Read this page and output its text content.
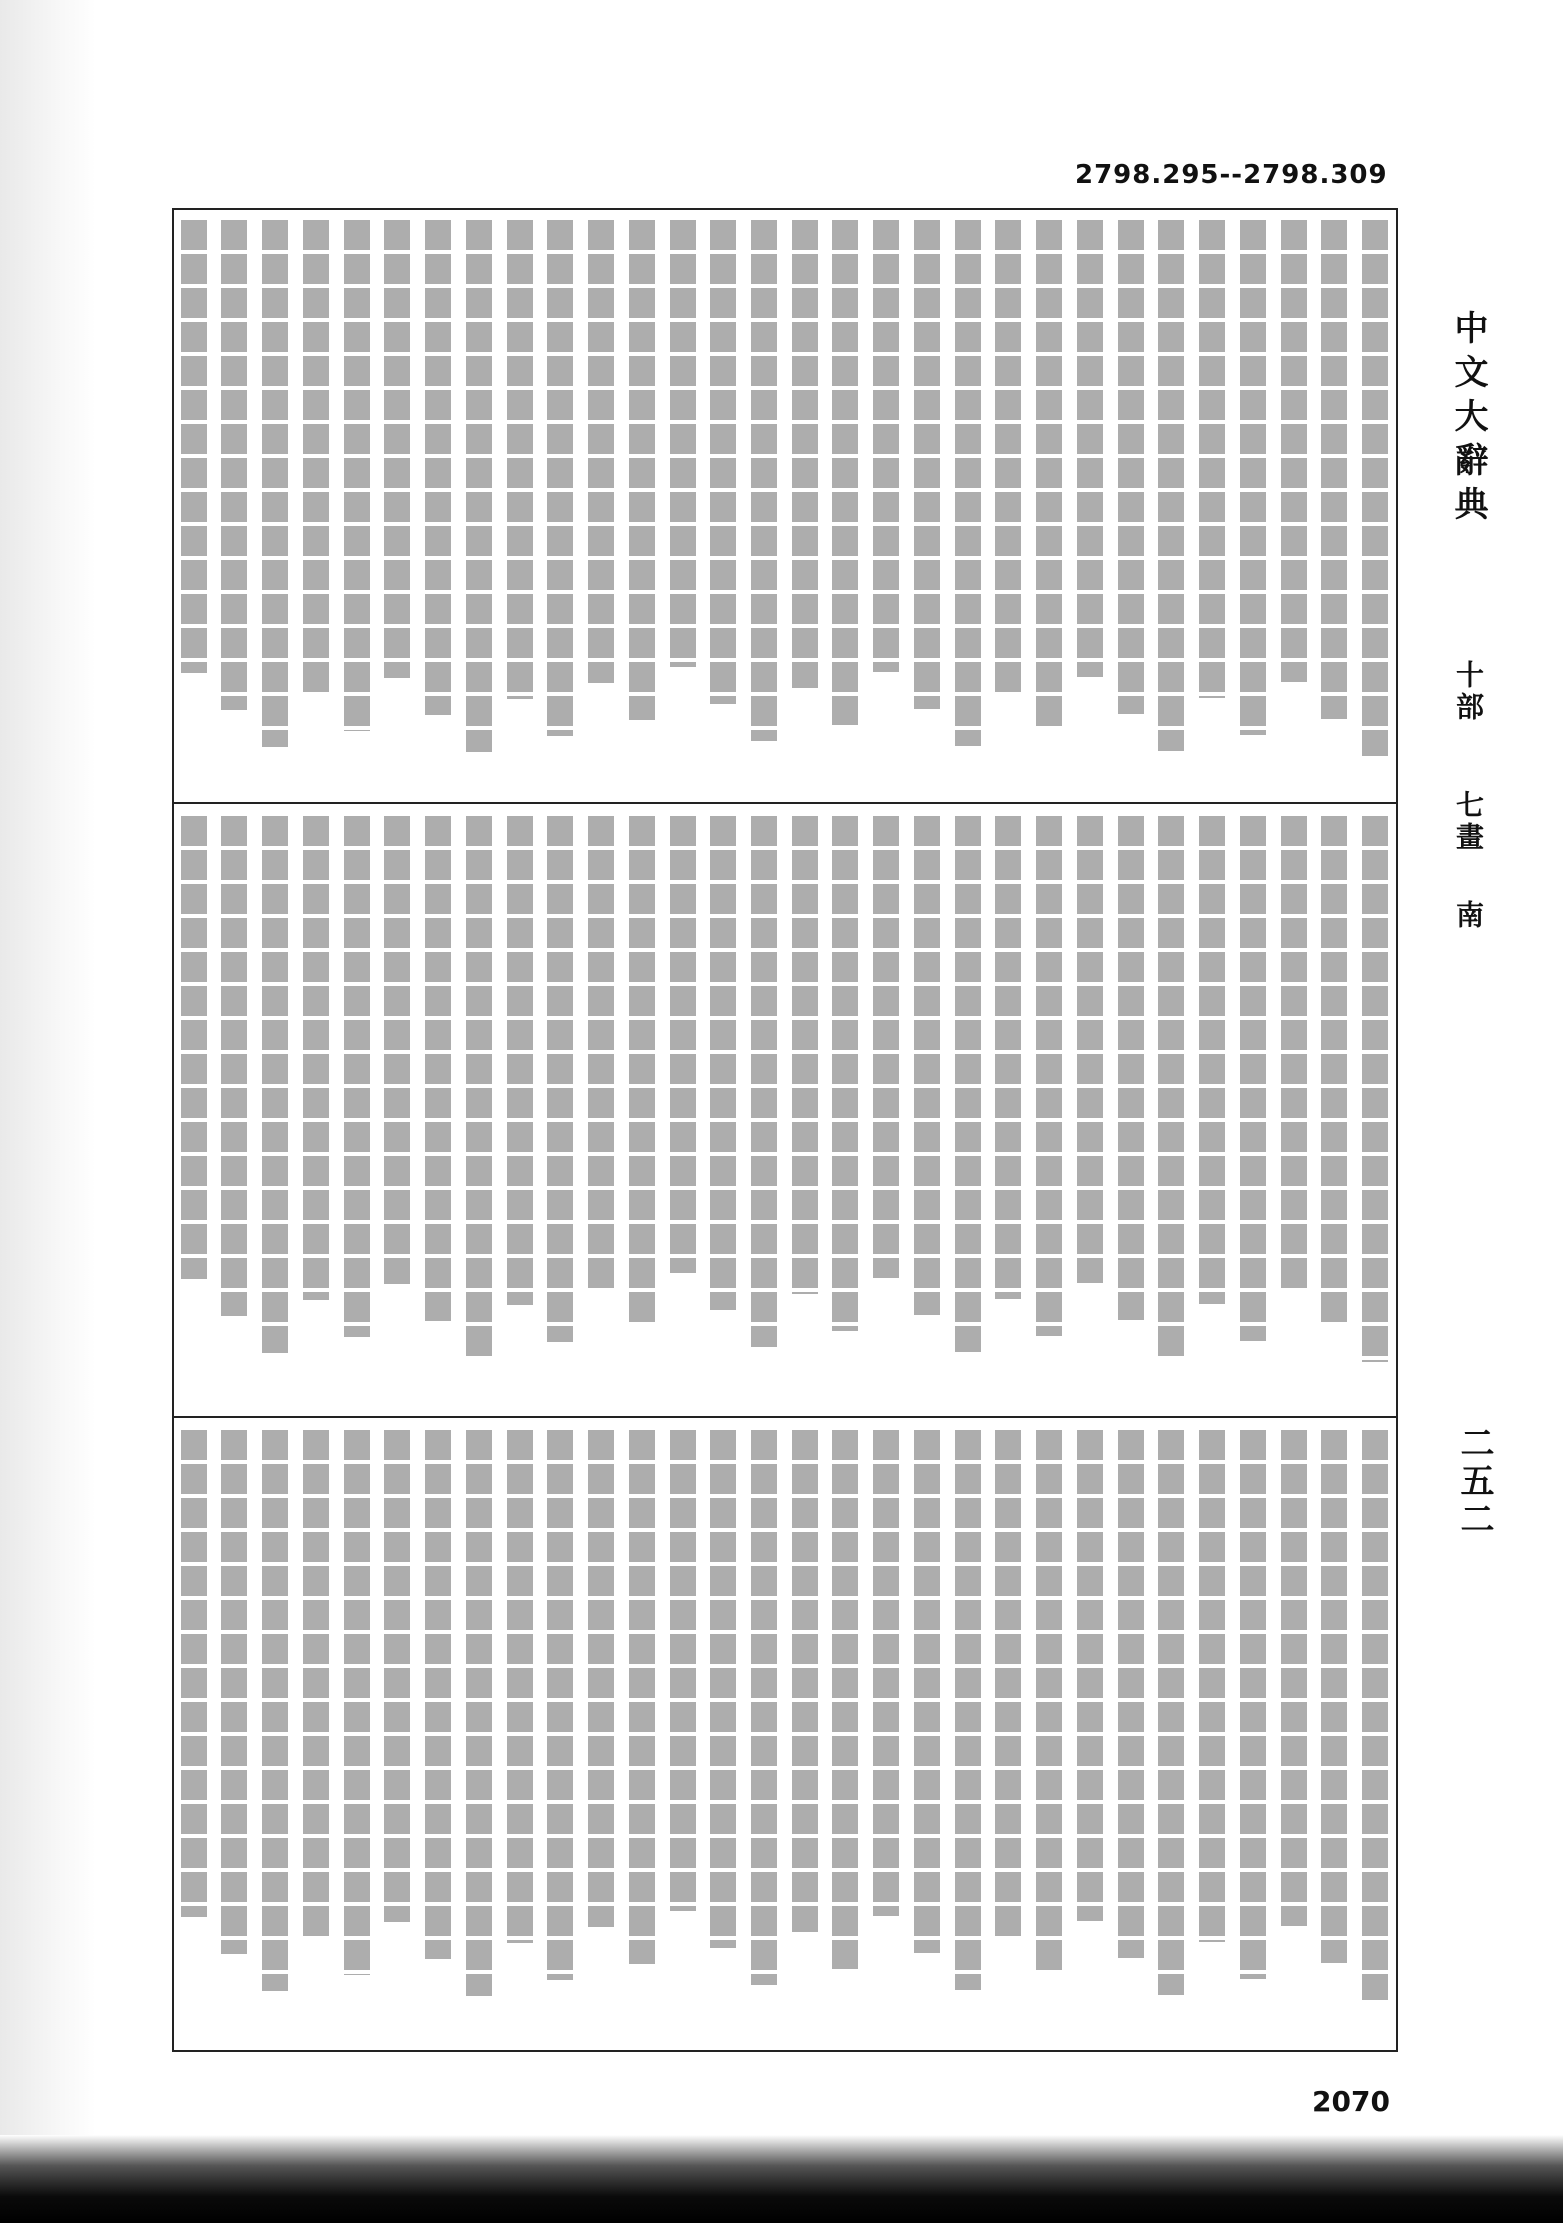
2798.295--2798.309
中文大辭典
十部
七畫
南
二五二
2070
